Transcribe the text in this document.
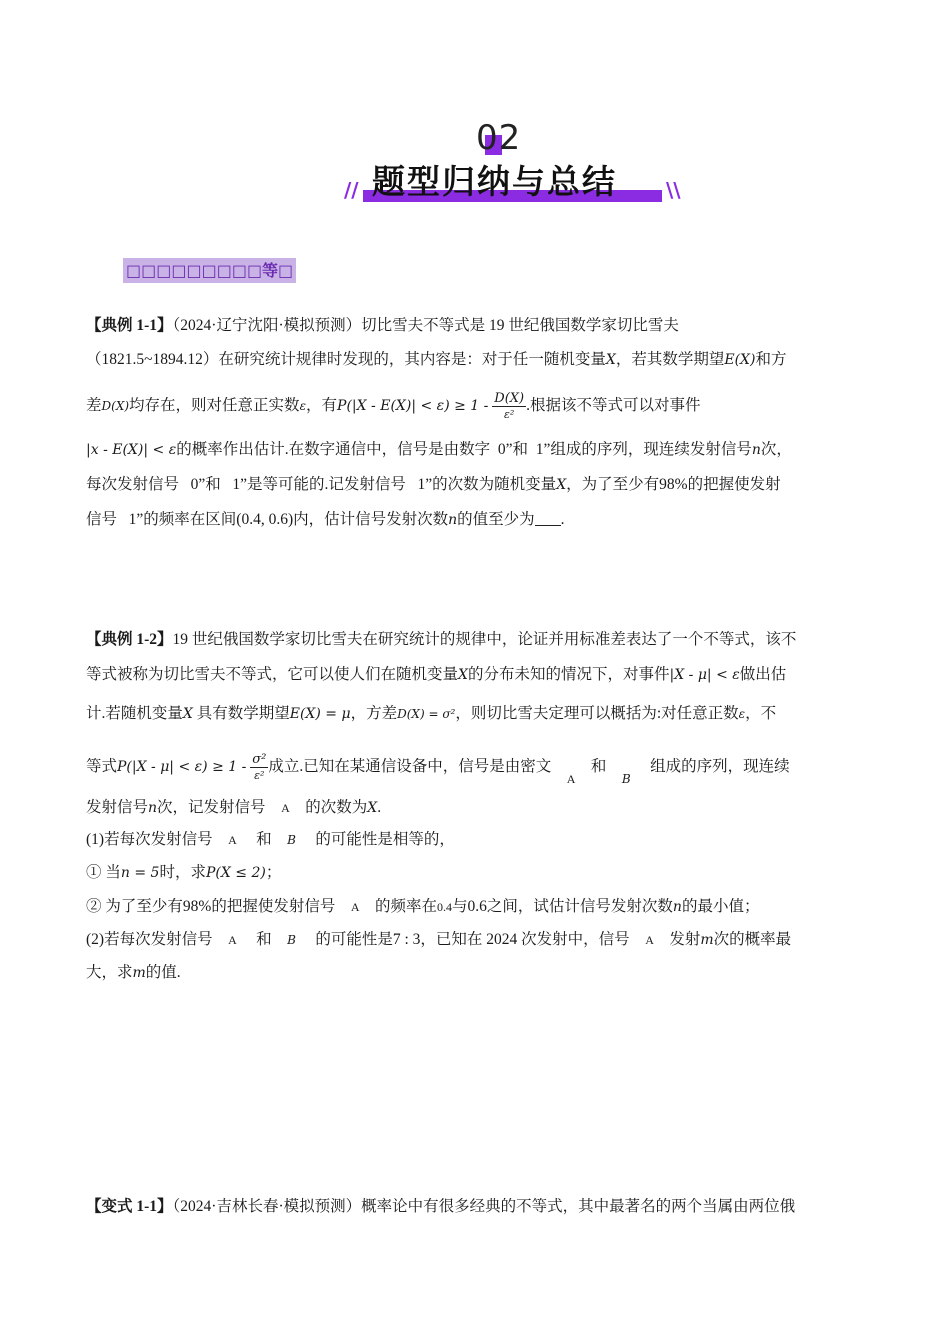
02
题型归纳与总结
//	\\
□□□□□□□□□等□
【典例 1-1】（2024·辽宁沈阳·模拟预测）切比雪夫不等式是 19 世纪俄国数学家切比雪夫
（1821.5~1894.12）在研究统计规律时发现的，其内容是：对于任一随机变量X，若其数学期望E(X)和方
差D(X)均存在，则对任意正实数ε，有$P(|X - E(X)| < \varepsilon) \ge 1 - \frac{D(X)}{\text{ε²}}$ .根据该不等式可以对事件
|x - E(X)| < ε的概率作出估计.在数字通信中，信号是由数字 0”和 1”组成的序列，现连续发射信号n次，
每次发射信号 0”和 1”是等可能的.记发射信号 1”的次数为随机变量X，为了至少有98%的把握使发射
信号 1”的频率在区间(0.4, 0.6)内，估计信号发射次数n的值至少为 .
【典例 1-2】19 世纪俄国数学家切比雪夫在研究统计的规律中，论证并用标准差表达了一个不等式，该不
等式被称为切比雪夫不等式，它可以使人们在随机变量X的分布未知的情况下，对事件|X - μ| < ε做出估
计.若随机变量X 具有数学期望E(X) = μ，方差D(X) = σ²，则切比雪夫定理可以概括为:对任意正数ε，不
等式$P(|X - \mu| < \varepsilon) \ge 1 - \frac{\text{σ²}}{\text{ε²}}$ 成立.已知在某通信设备中，信号是由密文    $_A$    和    $_B$     组成的序列，现连续
发射信号n次，记发射信号 A 的次数为X.
(1)若每次发射信号 A 和 B 的可能性是相等的，
① 当n = 5时，求P(X ≤ 2)；
② 为了至少有98%的把握使发射信号 A 的频率在0.4与0.6之间，试估计信号发射次数n的最小值；
(2)若每次发射信号 A 和 B 的可能性是7 : 3，已知在 2024 次发射中，信号 A 发射m次的概率最
大，求m的值.
【变式 1-1】（2024·吉林长春·模拟预测）概率论中有很多经典的不等式，其中最著名的两个当属由两位俄
